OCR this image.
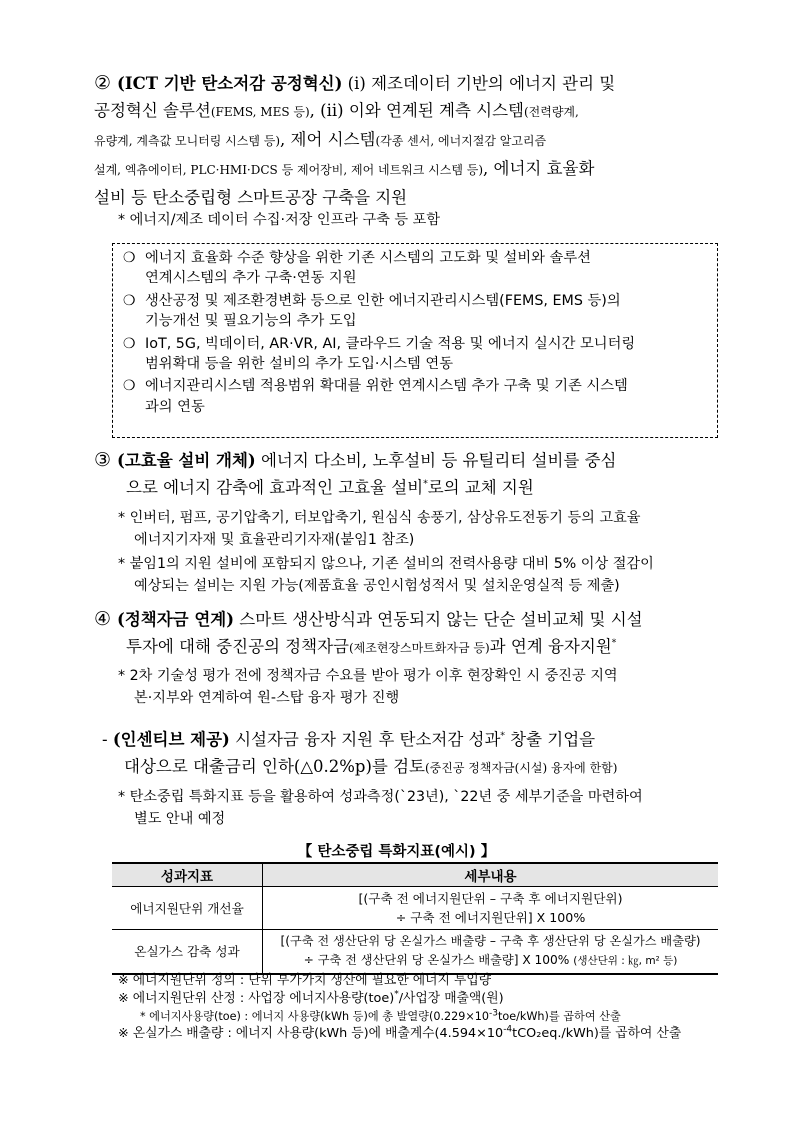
② (ICT 기반 탄소저감 공정혁신) (i) 제조데이터 기반의 에너지 관리 및
공정혁신 솔루션(FEMS, MES 등), (ii) 이와 연계된 계측 시스템(전력량계,
유량계, 계측값 모니터링 시스템 등), 제어 시스템(각종 센서, 에너지절감 알고리즘
설계, 엑츄에이터, PLC·HMI·DCS 등 제어장비, 제어 네트워크 시스템 등), 에너지 효율화
설비 등 탄소중립형 스마트공장 구축을 지원
* 에너지/제조 데이터 수집·저장 인프라 구축 등 포함
❍ 에너지 효율화 수준 향상을 위한 기존 시스템의 고도화 및 설비와 솔루션
연계시스템의 추가 구축·연동 지원
❍ 생산공정 및 제조환경변화 등으로 인한 에너지관리시스템(FEMS, EMS 등)의
기능개선 및 필요기능의 추가 도입
❍ IoT, 5G, 빅데이터, AR·VR, AI, 클라우드 기술 적용 및 에너지 실시간 모니터링
범위확대 등을 위한 설비의 추가 도입·시스템 연동
❍ 에너지관리시스템 적용범위 확대를 위한 연계시스템 추가 구축 및 기존 시스템
과의 연동
③ (고효율 설비 개체) 에너지 다소비, 노후설비 등 유틸리티 설비를 중심
으로 에너지 감축에 효과적인 고효율 설비*로의 교체 지원
* 인버터, 펌프, 공기압축기, 터보압축기, 원심식 송풍기, 삼상유도전동기 등의 고효율
에너지기자재 및 효율관리기자재(붙임1 참조)
* 붙임1의 지원 설비에 포함되지 않으나, 기존 설비의 전력사용량 대비 5% 이상 절감이
예상되는 설비는 지원 가능(제품효율 공인시험성적서 및 설치운영실적 등 제출)
④ (정책자금 연계) 스마트 생산방식과 연동되지 않는 단순 설비교체 및 시설
투자에 대해 중진공의 정책자금(제조현장스마트화자금 등)과 연계 융자지원*
* 2차 기술성 평가 전에 정책자금 수요를 받아 평가 이후 현장확인 시 중진공 지역
본·지부와 연계하여 원-스탑 융자 평가 진행
- (인센티브 제공) 시설자금 융자 지원 후 탄소저감 성과* 창출 기업을
대상으로 대출금리 인하(△0.2%p)를 검토(중진공 정책자금(시설) 융자에 한함)
* 탄소중립 특화지표 등을 활용하여 성과측정(`23년), `22년 중 세부기준을 마련하여
별도 안내 예정
【 탄소중립 특화지표(예시) 】
성과지표	세부내용
에너지원단위 개선율	[(구축 전 에너지원단위 – 구축 후 에너지원단위)
÷ 구축 전 에너지원단위] X 100%

온실가스 감축 성과	[(구축 전 생산단위 당 온실가스 배출량 – 구축 후 생산단위 당 온실가스 배출량)
÷ 구축 전 생산단위 당 온실가스 배출량] X 100% (생산단위 : ㎏, m² 등)
※ 에너지원단위 정의 : 단위 부가가치 생산에 필요한 에너지 투입량
※ 에너지원단위 산정 : 사업장 에너지사용량(toe)*/사업장 매출액(원)
* 에너지사용량(toe) : 에너지 사용량(kWh 등)에 총 발열량$(0.229\times 10^{-3}toe/kWh)$를 곱하여 산출
※ 온실가스 배출량 : 에너지 사용량(kWh 등)에 배출계수$(4.594\times 10^{-4}tCO_2eq./kWh)$를 곱하여 산출
